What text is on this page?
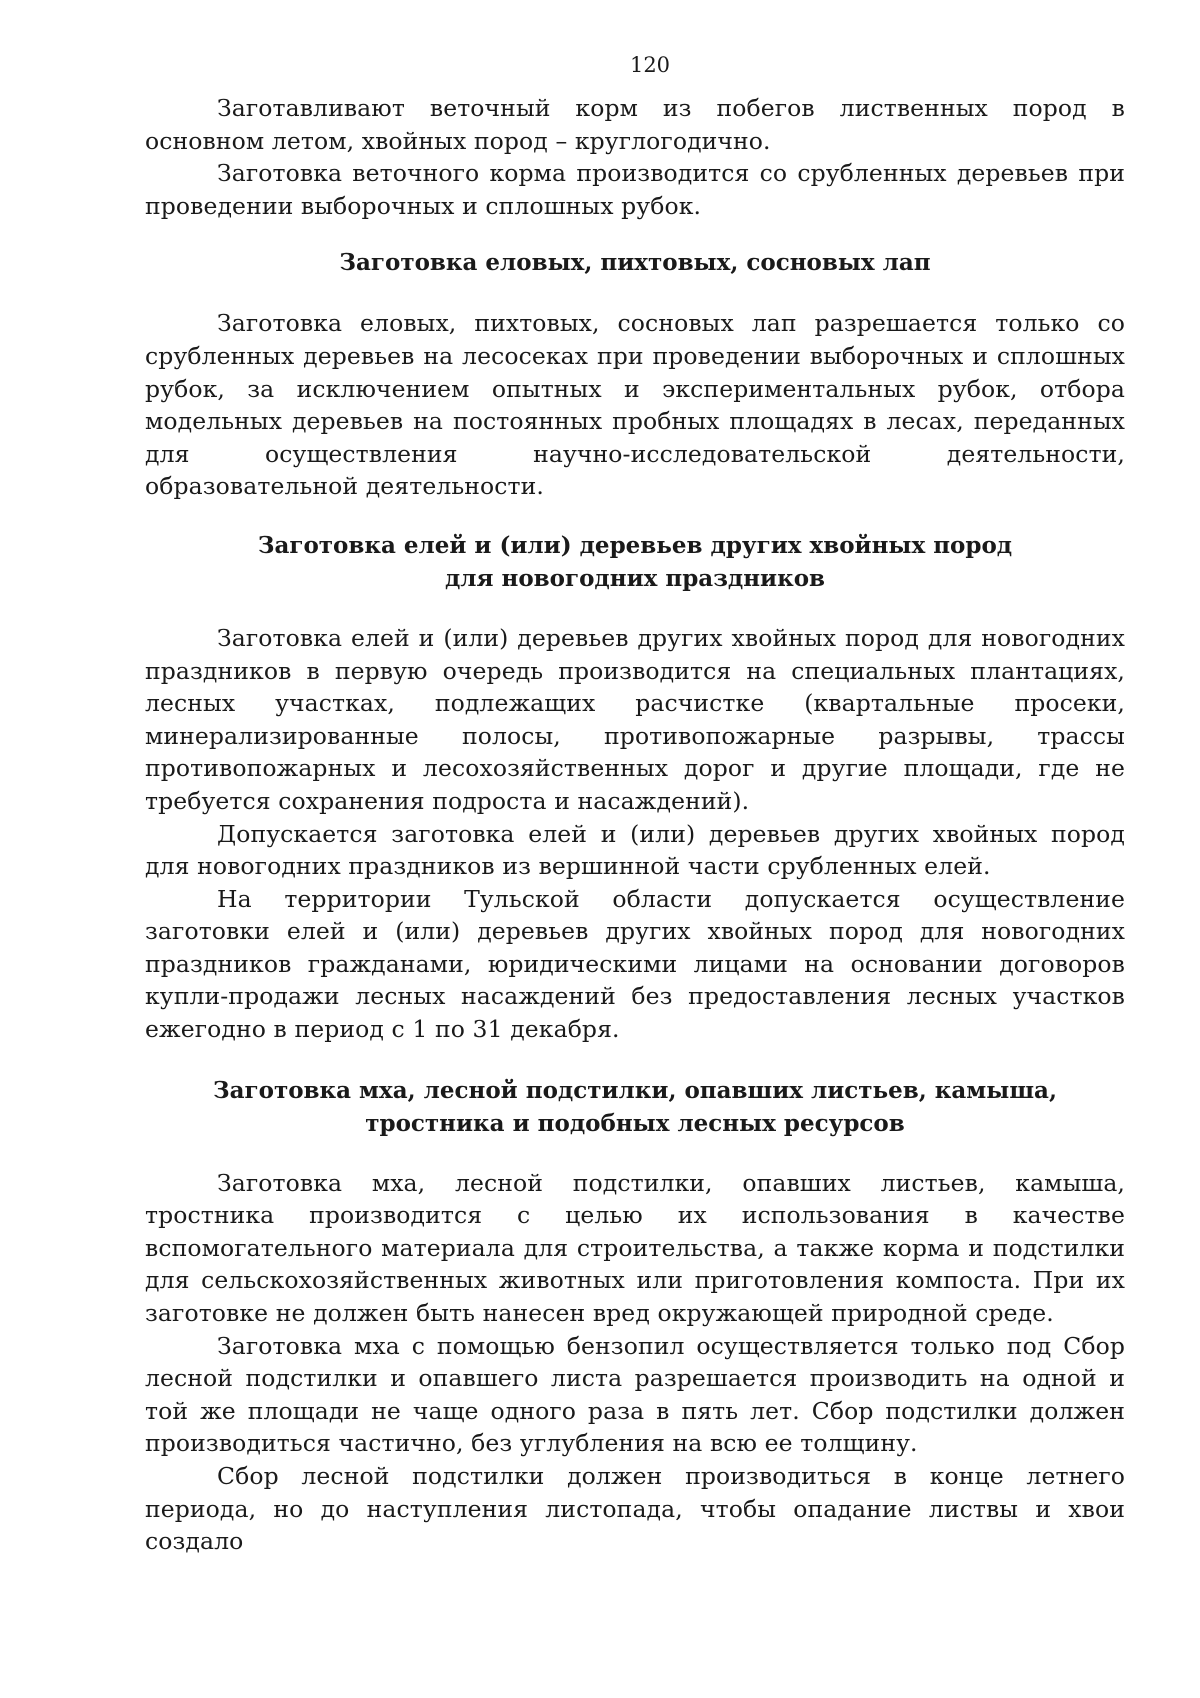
120

Заготавливают веточный корм из побегов лиственных пород в основном летом, хвойных пород – круглогодично.

Заготовка веточного корма производится со срубленных деревьев при проведении выборочных и сплошных рубок.

Заготовка еловых, пихтовых, сосновых лап

Заготовка еловых, пихтовых, сосновых лап разрешается только со срубленных деревьев на лесосеках при проведении выборочных и сплошных рубок, за исключением опытных и экспериментальных рубок, отбора модельных деревьев на постоянных пробных площадях в лесах, переданных для осуществления научно-исследовательской деятельности, образовательной деятельности.

Заготовка елей и (или) деревьев других хвойных пород
для новогодних праздников

Заготовка елей и (или) деревьев других хвойных пород для новогодних праздников в первую очередь производится на специальных плантациях, лесных участках, подлежащих расчистке (квартальные просеки, минерализированные полосы, противопожарные разрывы, трассы противопожарных и лесохозяйственных дорог и другие площади, где не требуется сохранения подроста и насаждений).

Допускается заготовка елей и (или) деревьев других хвойных пород для новогодних праздников из вершинной части срубленных елей.

На территории Тульской области допускается осуществление заготовки елей и (или) деревьев других хвойных пород для новогодних праздников гражданами, юридическими лицами на основании договоров купли-продажи лесных насаждений без предоставления лесных участков ежегодно в период с 1 по 31 декабря.

Заготовка мха, лесной подстилки, опавших листьев, камыша,
тростника и подобных лесных ресурсов

Заготовка мха, лесной подстилки, опавших листьев, камыша, тростника производится с целью их использования в качестве вспомогательного материала для строительства, а также корма и подстилки для сельскохозяйственных животных или приготовления компоста. При их заготовке не должен быть нанесен вред окружающей природной среде.

Заготовка мха с помощью бензопил осуществляется только под Сбор лесной подстилки и опавшего листа разрешается производить на одной и той же площади не чаще одного раза в пять лет. Сбор подстилки должен производиться частично, без углубления на всю ее толщину.

Сбор лесной подстилки должен производиться в конце летнего периода, но до наступления листопада, чтобы опадание листвы и хвои создало
